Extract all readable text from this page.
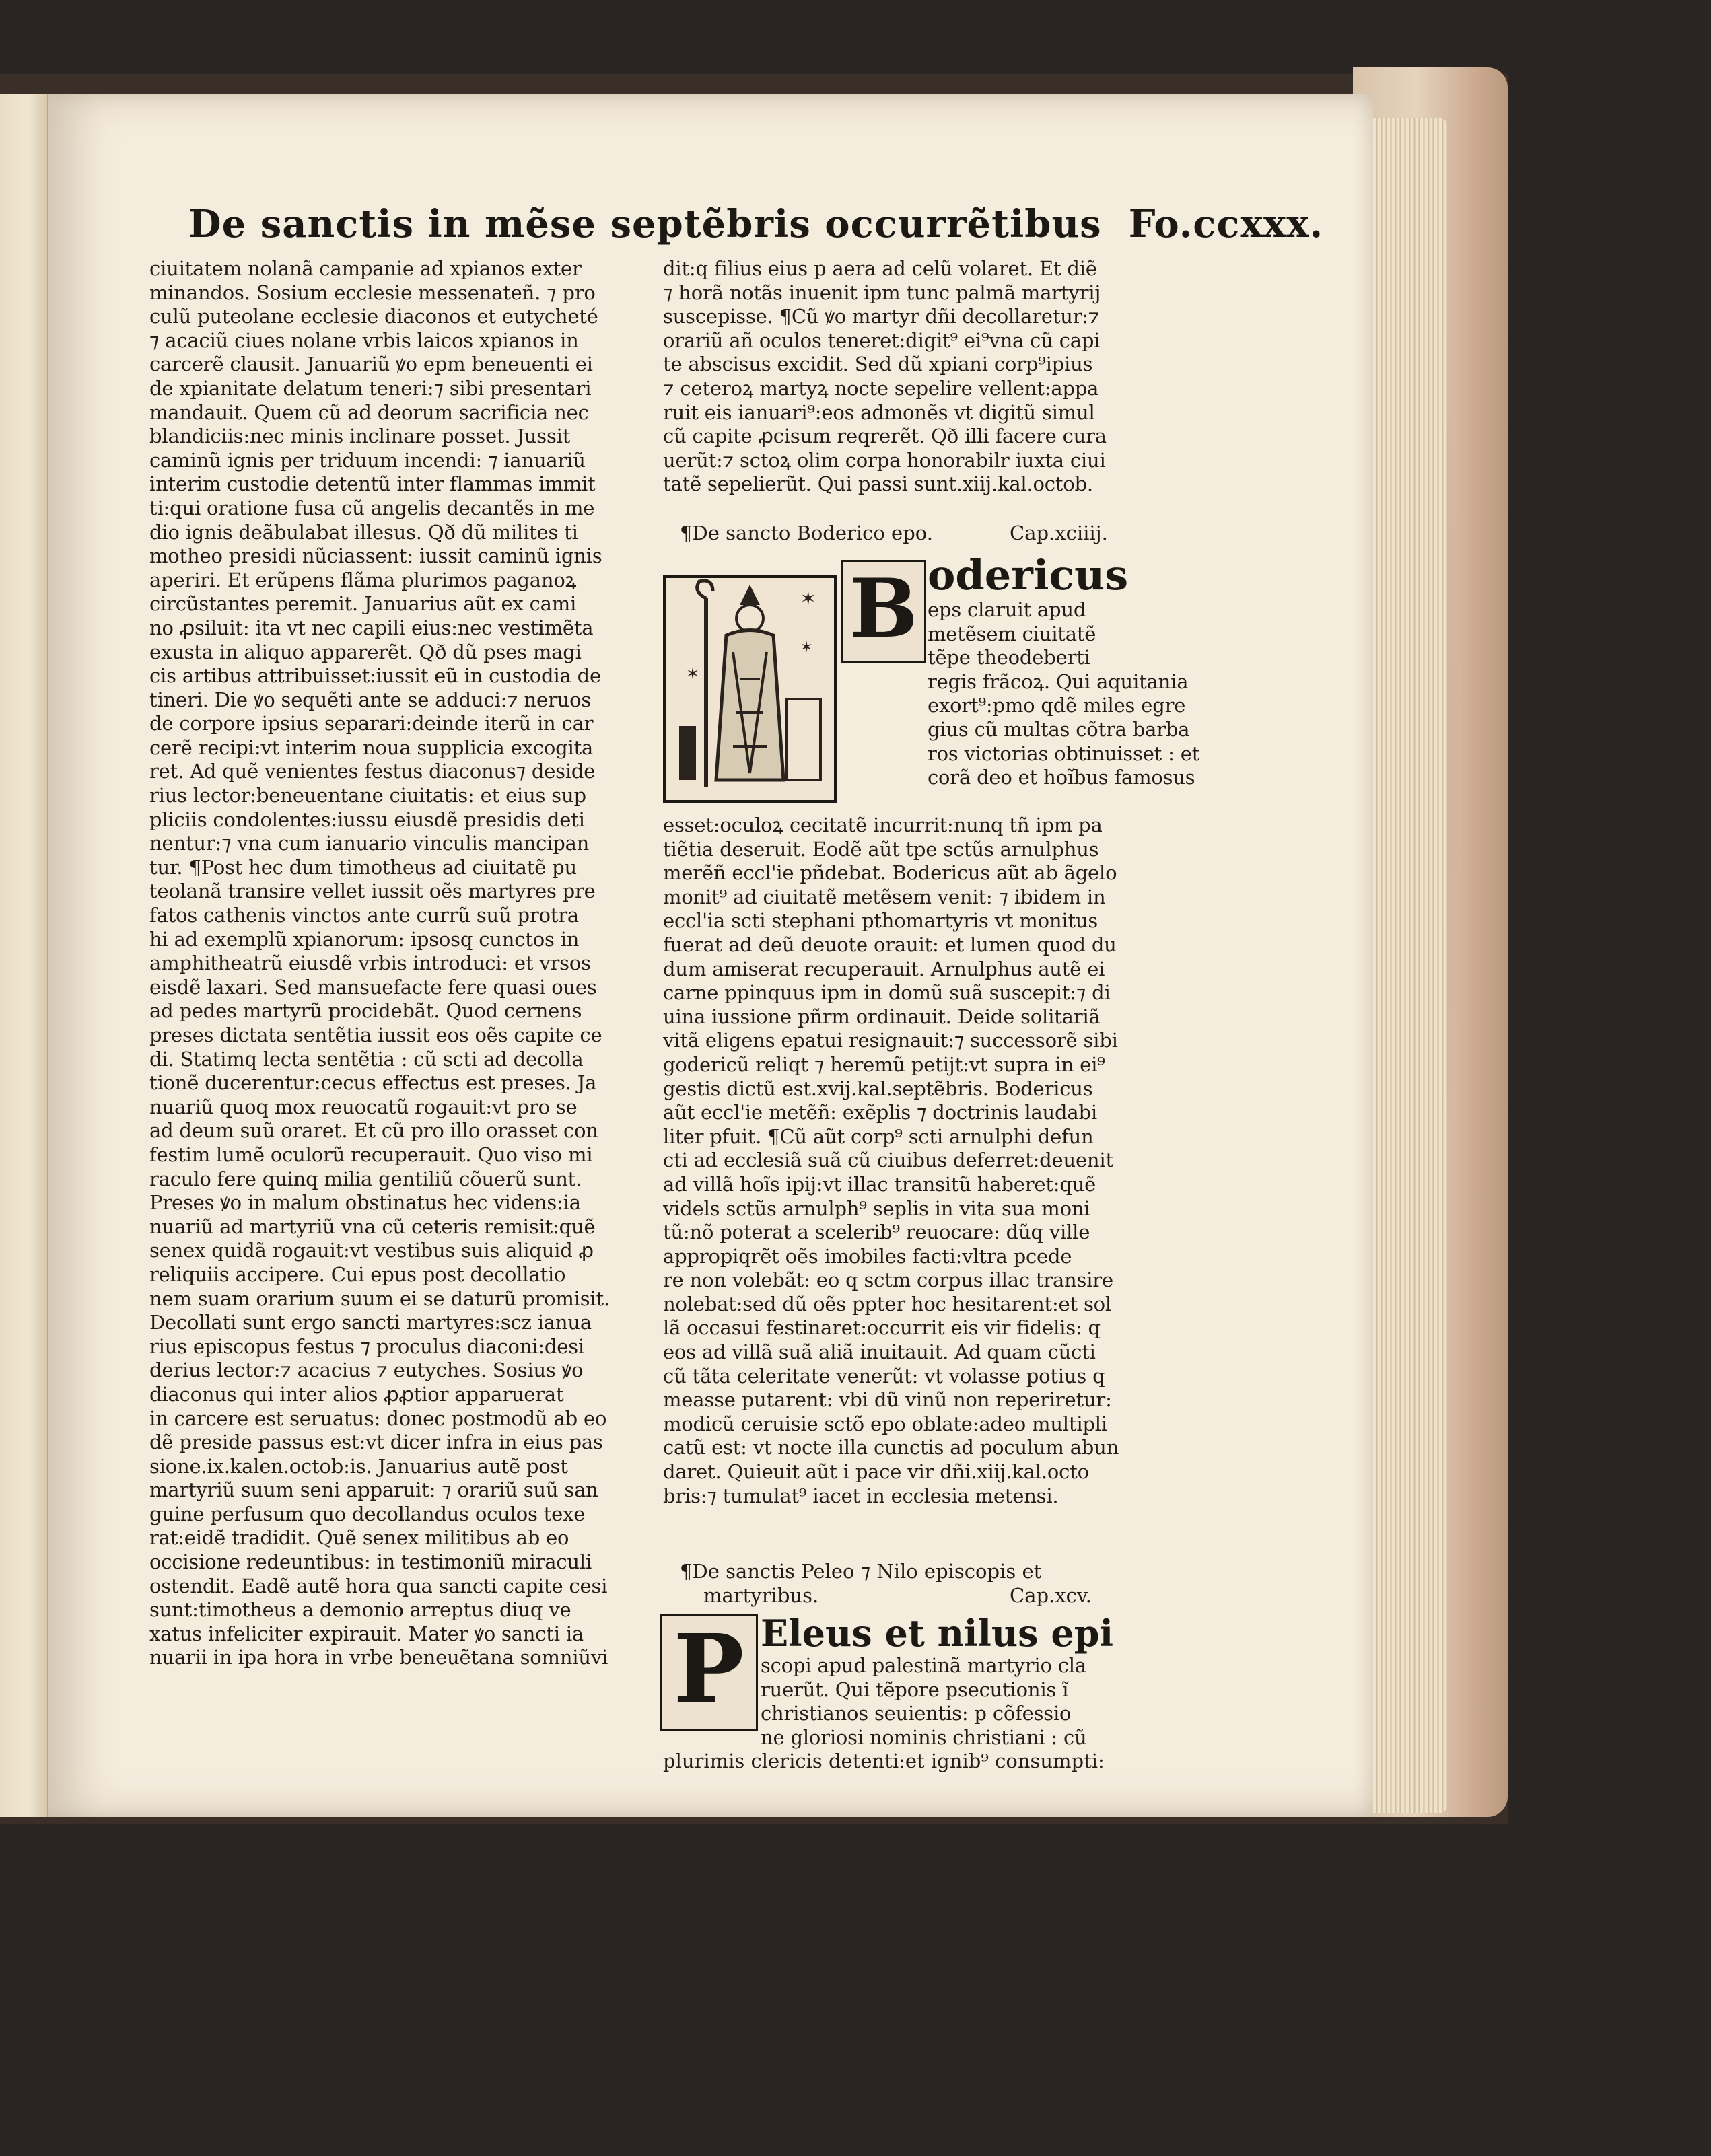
De sanctis in mẽse septẽbris occurrẽtibus Fo.ccxxx.
ciuitatem nolanã campanie ad xpianos exter
minandos. Sosium ecclesie messenateñ. ⁊ pro
culũ puteolane ecclesie diaconos et eutycheté
⁊ acaciũ ciues nolane vrbis laicos xpianos in
carcerẽ clausit. Januariũ ꝟo epm beneuenti ei
de xpianitate delatum teneri:⁊ sibi presentari
mandauit. Quem cũ ad deorum sacrificia nec
blandiciis:nec minis inclinare posset. Jussit
caminũ ignis per triduum incendi: ⁊ ianuariũ
interim custodie detentũ inter flammas immit
ti:qui oratione fusa cũ angelis decantẽs in me
dio ignis deãbulabat illesus. Qð dũ milites ti
motheo presidi nũciassent: iussit caminũ ignis
aperiri. Et erũpens flãma plurimos paganoꝝ
circũstantes peremit. Januarius aũt ex cami
no ꝓsiluit: ita vt nec capili eius:nec vestimẽta
exusta in aliquo apparerẽt. Qð dũ pses magi
cis artibus attribuisset:iussit eũ in custodia de
tineri. Die ꝟo sequẽti ante se adduci:⁊ neruos
de corpore ipsius separari:deinde iterũ in car
cerẽ recipi:vt interim noua supplicia excogita
ret. Ad quẽ venientes festus diaconus⁊ deside
rius lector:beneuentane ciuitatis: et eius sup
pliciis condolentes:iussu eiusdẽ presidis deti
nentur:⁊ vna cum ianuario vinculis mancipan
tur. ¶Post hec dum timotheus ad ciuitatẽ pu
teolanã transire vellet iussit oẽs martyres pre
fatos cathenis vinctos ante currũ suũ protra
hi ad exemplũ xpianorum: ipsosq cunctos in
amphitheatrũ eiusdẽ vrbis introduci: et vrsos
eisdẽ laxari. Sed mansuefacte fere quasi oues
ad pedes martyrũ procidebãt. Quod cernens
preses dictata sentẽtia iussit eos oẽs capite ce
di. Statimq lecta sentẽtia : cũ scti ad decolla
tionẽ ducerentur:cecus effectus est preses. Ja
nuariũ quoq mox reuocatũ rogauit:vt pro se
ad deum suũ oraret. Et cũ pro illo orasset con
festim lumẽ oculorũ recuperauit. Quo viso mi
raculo fere quinq milia gentiliũ cõuerũ sunt.
Preses ꝟo in malum obstinatus hec videns:ia
nuariũ ad martyriũ vna cũ ceteris remisit:quẽ
senex quidã rogauit:vt vestibus suis aliquid ꝓ
reliquiis accipere. Cui epus post decollatio
nem suam orarium suum ei se daturũ promisit.
Decollati sunt ergo sancti martyres:scz ianua
rius episcopus festus ⁊ proculus diaconi:desi
derius lector:⁊ acacius ⁊ eutyches. Sosius ꝟo
diaconus qui inter alios ꝓꝓtior apparuerat
in carcere est seruatus: donec postmodũ ab eo
dẽ preside passus est:vt dicer infra in eius pas
sione.ix.kalen.octob:is. Januarius autẽ post
martyriũ suum seni apparuit: ⁊ orariũ suũ san
guine perfusum quo decollandus oculos texe
rat:eidẽ tradidit. Quẽ senex militibus ab eo
occisione redeuntibus: in testimoniũ miraculi
ostendit. Eadẽ autẽ hora qua sancti capite cesi
sunt:timotheus a demonio arreptus diuq ve
xatus infeliciter expirauit. Mater ꝟo sancti ia
nuarii in ipa hora in vrbe beneuẽtana somniũvi
dit:q filius eius p aera ad celũ volaret. Et diẽ
⁊ horã notãs inuenit ipm tunc palmã martyrij
suscepisse. ¶Cũ ꝟo martyr dñi decollaretur:⁊
orariũ añ oculos teneret:digit⁹ ei⁹vna cũ capi
te abscisus excidit. Sed dũ xpiani corp⁹ipius
⁊ ceteroꝝ martyꝝ nocte sepelire vellent:appa
ruit eis ianuari⁹:eos admonẽs vt digitũ simul
cũ capite ꝓcisum reqrerẽt. Qð illi facere cura
uerũt:⁊ sctoꝝ olim corpa honorabilr iuxta ciui
tatẽ sepelierũt. Qui passi sunt.xiij.kal.octob.
¶De sancto Boderico epo.	Cap.xciiij.
✶
✶
✶ B odericus
eps claruit apud
metẽsem ciuitatẽ
tẽpe theodeberti
regis frãcoꝝ. Qui aquitania
exort⁹:pmo qdẽ miles egre
gius cũ multas cõtra barba
ros victorias obtinuisset : et
corã deo et hoĩbus famosus
esset:oculoꝝ cecitatẽ incurrit:nunq tñ ipm pa
tiẽtia deseruit. Eodẽ aũt tpe sctũs arnulphus
merẽñ eccl'ie pñdebat. Bodericus aũt ab ãgelo
monit⁹ ad ciuitatẽ metẽsem venit: ⁊ ibidem in
eccl'ia scti stephani pthomartyris vt monitus
fuerat ad deũ deuote orauit: et lumen quod du
dum amiserat recuperauit. Arnulphus autẽ ei
carne ppinquus ipm in domũ suã suscepit:⁊ di
uina iussione pñrm ordinauit. Deide solitariã
vitã eligens epatui resignauit:⁊ successorẽ sibi
godericũ reliqt ⁊ heremũ petijt:vt supra in ei⁹
gestis dictũ est.xvij.kal.septẽbris. Bodericus
aũt eccl'ie metẽñ: exẽplis ⁊ doctrinis laudabi
liter pfuit. ¶Cũ aũt corp⁹ scti arnulphi defun
cti ad ecclesiã suã cũ ciuibus deferret:deuenit
ad villã hoĩs ipij:vt illac transitũ haberet:quẽ
videls sctũs arnulph⁹ seplis in vita sua moni
tũ:nõ poterat a scelerib⁹ reuocare: dũq ville
appropiqrẽt oẽs imobiles facti:vltra pcede
re non volebãt: eo q sctm corpus illac transire
nolebat:sed dũ oẽs ppter hoc hesitarent:et sol
lã occasui festinaret:occurrit eis vir fidelis: q
eos ad villã suã aliã inuitauit. Ad quam cũcti
cũ tãta celeritate venerũt: vt volasse potius q
measse putarent: vbi dũ vinũ non reperiretur:
modicũ ceruisie sctõ epo oblate:adeo multipli
catũ est: vt nocte illa cunctis ad poculum abun
daret. Quieuit aũt i pace vir dñi.xiij.kal.octo
bris:⁊ tumulat⁹ iacet in ecclesia metensi.
¶De sanctis Peleo ⁊ Nilo episcopis et
martyribus.	Cap.xcv.
P Eleus et nilus epi
scopi apud palestinã martyrio cla
ruerũt. Qui tẽpore psecutionis ĩ
christianos seuientis: p cõfessio
ne gloriosi nominis christiani : cũ
plurimis clericis detenti:et ignib⁹ consumpti:
